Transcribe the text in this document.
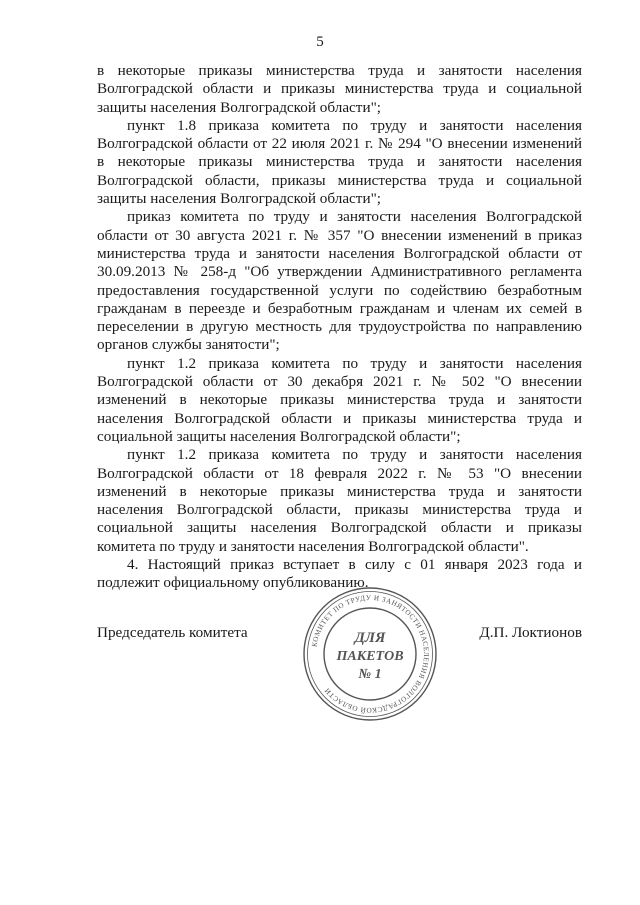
5

в некоторые приказы министерства труда и занятости населения Волгоградской области и приказы министерства труда и социальной защиты населения Волгоградской области";

пункт 1.8 приказа комитета по труду и занятости населения Волгоградской области от 22 июля 2021 г. № 294 "О внесении изменений в некоторые приказы министерства труда и занятости населения Волгоградской области, приказы министерства труда и социальной защиты населения Волгоградской области";

приказ комитета по труду и занятости населения Волгоградской области от 30 августа 2021 г. № 357 "О внесении изменений в приказ министерства труда и занятости населения Волгоградской области от 30.09.2013 № 258-д "Об утверждении Административного регламента предоставления государственной услуги по содействию безработным гражданам в переезде и безработным гражданам и членам их семей в переселении в другую местность для трудоустройства по направлению органов службы занятости";

пункт 1.2 приказа комитета по труду и занятости населения Волгоградской области от 30 декабря 2021 г. № 502 "О внесении изменений в некоторые приказы министерства труда и занятости населения Волгоградской области и приказы министерства труда и социальной защиты населения Волгоградской области";

пункт 1.2 приказа комитета по труду и занятости населения Волгоградской области от 18 февраля 2022 г. № 53 "О внесении изменений в некоторые приказы министерства труда и занятости населения Волгоградской области, приказы министерства труда и социальной защиты населения Волгоградской области и приказы комитета по труду и занятости населения Волгоградской области".

4. Настоящий приказ вступает в силу с 01 января 2023 года и подлежит официальному опубликованию.

Председатель комитета	Д.П. Локтионов
КОМИТЕТ ПО ТРУДУ И ЗАНЯТОСТИ НАСЕЛЕНИЯ ВОЛГОГРАДСКОЙ ОБЛАСТИ
ДЛЯ
ПАКЕТОВ
№ 1
